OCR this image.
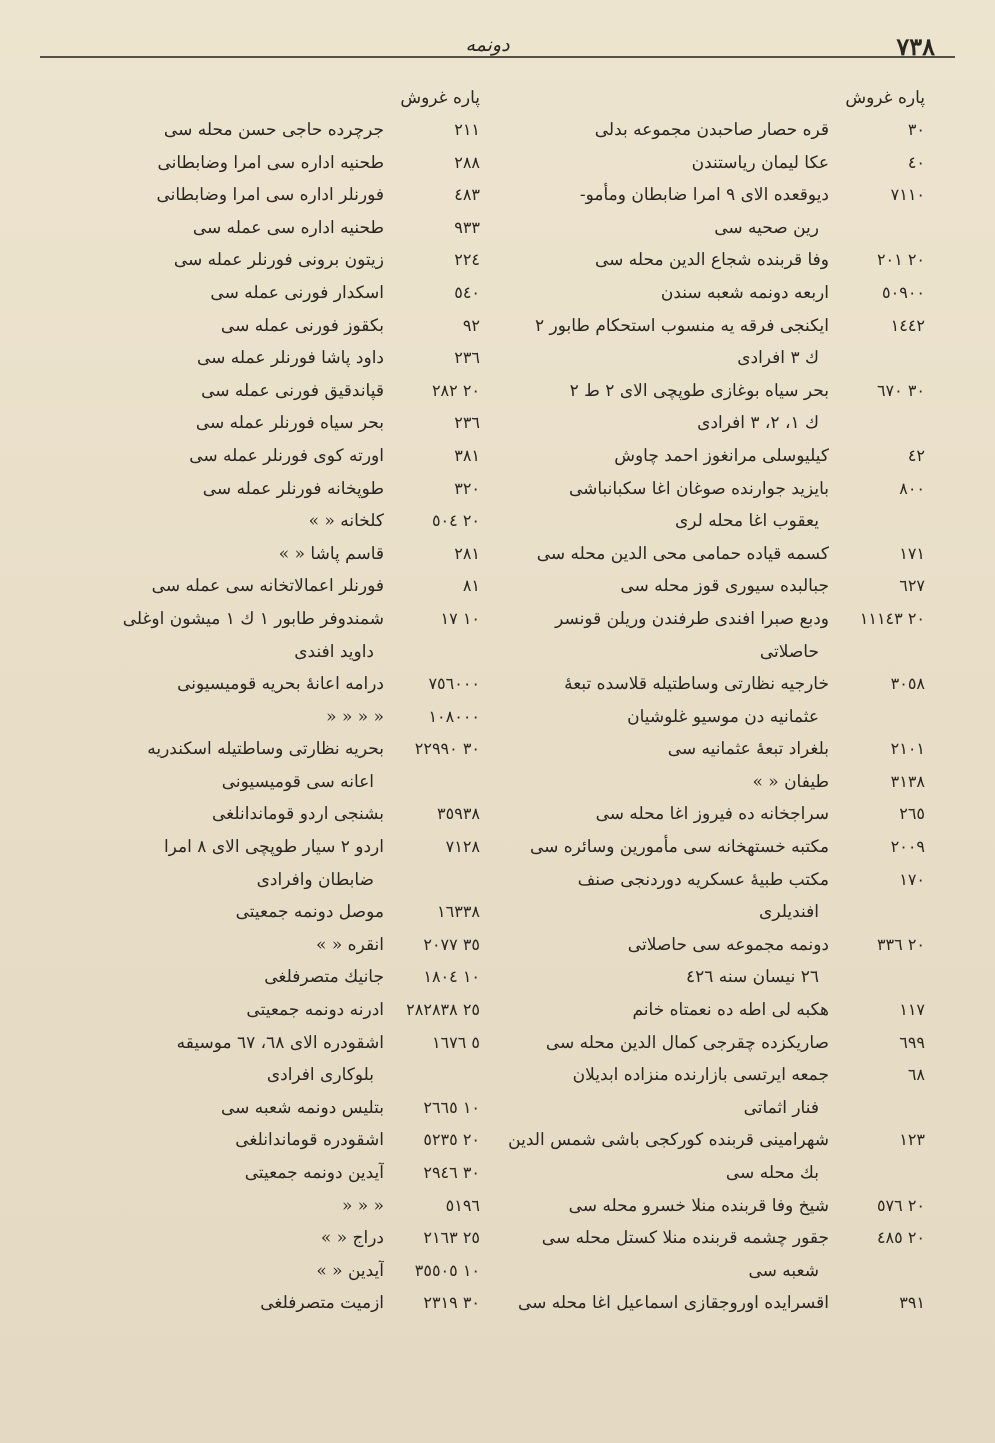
٧٣٨
دونمه
پاره غروش
٣٠
قره حصار صاحبدن مجموعه بدلى
٤٠
عكا ليمان رياستندن
٧١١٠
ديوقعده الاى ٩ امرا ضابطان ومأمو-
رين صحيه سى
٢٠ ٢٠١
وفا قربنده شجاع الدين محله سى
٥٠٩٠٠
اربعه دونمه شعبه سندن
١٤٤٢
ايكنجى فرقه يه منسوب استحكام طابور ٢
ك ٣ افرادى
٣٠ ٦٧٠
بحر سياه بوغازى طوپچى الاى ٢ ط ٢
ك ١، ٢، ٣ افرادى
٤٢
كيليوسلى مرانغوز احمد چاوش
٨٠٠
بايزيد جوارنده صوغان اغا سكبانباشى
يعقوب اغا محله لرى
١٧١
كسمه قياده حمامى محى الدين محله سى
٦٢٧
جبالبده سيورى قوز محله سى
٢٠ ١١١٤٣
ودبع صبرا افندى طرفندن وريلن قونسر
حاصلاتى
٣٠٥٨
خارجيه نظارتى وساطتيله قلاسده تبعۀ
عثمانيه دن موسيو غلوشيان
٢١٠١
بلغراد تبعۀ عثمانيه سى
٣١٣٨
طيفان « »
٢٦٥
سراجخانه ده فيروز اغا محله سى
٢٠٠٩
مكتبه خستهخانه سى مأمورين وسائره سى
١٧٠
مكتب طبيۀ عسكريه دوردنجى صنف
افنديلرى
٢٠ ٣٣٦
دونمه مجموعه سى حاصلاتى
٢٦ نيسان سنه ٤٢٦
١١٧
هكبه لى اطه ده نعمتاه خانم
٦٩٩
صاريكزده چقرجى كمال الدين محله سى
٦٨
جمعه ايرتسى بازارنده منزاده ابديلان
فنار اثماتى
١٢٣
شهرامينى قربنده كوركجى باشى شمس الدين
بك محله سى
٢٠ ٥٧٦
شيخ وفا قربنده منلا خسرو محله سى
٢٠ ٤٨٥
جقور چشمه قربنده منلا كستل محله سى
شعبه سى
٣٩١
اقسرايده اوروجقازى اسماعيل اغا محله سى
پاره غروش
٢١١
جرچرده حاجى حسن محله سى
٢٨٨
طحنيه اداره سى امرا وضابطانى
٤٨٣
فورنلر اداره سى امرا وضابطانى
٩٣٣
طحنيه اداره سى عمله سى
٢٢٤
زيتون برونى فورنلر عمله سى
٥٤٠
اسكدار فورنى عمله سى
٩٢
بكقوز فورنى عمله سى
٢٣٦
داود پاشا فورنلر عمله سى
٢٠ ٢٨٢
قپاندقيق فورنى عمله سى
٢٣٦
بحر سياه فورنلر عمله سى
٣٨١
اورته كوى فورنلر عمله سى
٣٢٠
طوپخانه فورنلر عمله سى
٢٠ ٥٠٤
كلخانه « »
٢٨١
قاسم پاشا « »
٨١
فورنلر اعمالاتخانه سى عمله سى
١٠ ١٧
شمندوفر طابور ١ ك ١ ميشون اوغلى
داويد افندى
٧٥٦٠٠٠
درامه اعانۀ بحريه قوميسيونى
١٠٨٠٠٠
« « « «
٣٠ ٢٢٩٩٠
بحريه نظارتى وساطتيله اسكندريه
اعانه سى قوميسيونى
٣٥٩٣٨
بشنجى اردو قوماندانلغى
٧١٢٨
اردو ٢ سيار طوپچى الاى ٨ امرا
ضابطان وافرادى
١٦٣٣٨
موصل دونمه جمعيتى
٣٥ ٢٠٧٧
انقره « »
١٠ ١٨٠٤
جانيك متصرفلغى
٢٥ ٢٨٢٨٣٨
ادرنه دونمه جمعيتى
٥ ١٦٧٦
اشقودره الاى ٦٨، ٦٧ موسيقه
بلوكارى افرادى
١٠ ٢٦٦٥
بتليس دونمه شعبه سى
٢٠ ٥٢٣٥
اشقودره قوماندانلغى
٣٠ ٢٩٤٦
آيدين دونمه جمعيتى
٥١٩٦
« « «
٢٥ ٢١٦٣
دراج « »
١٠ ٣٥٥٠٥
آيدين « »
٣٠ ٢٣١٩
ازميت متصرفلغى
